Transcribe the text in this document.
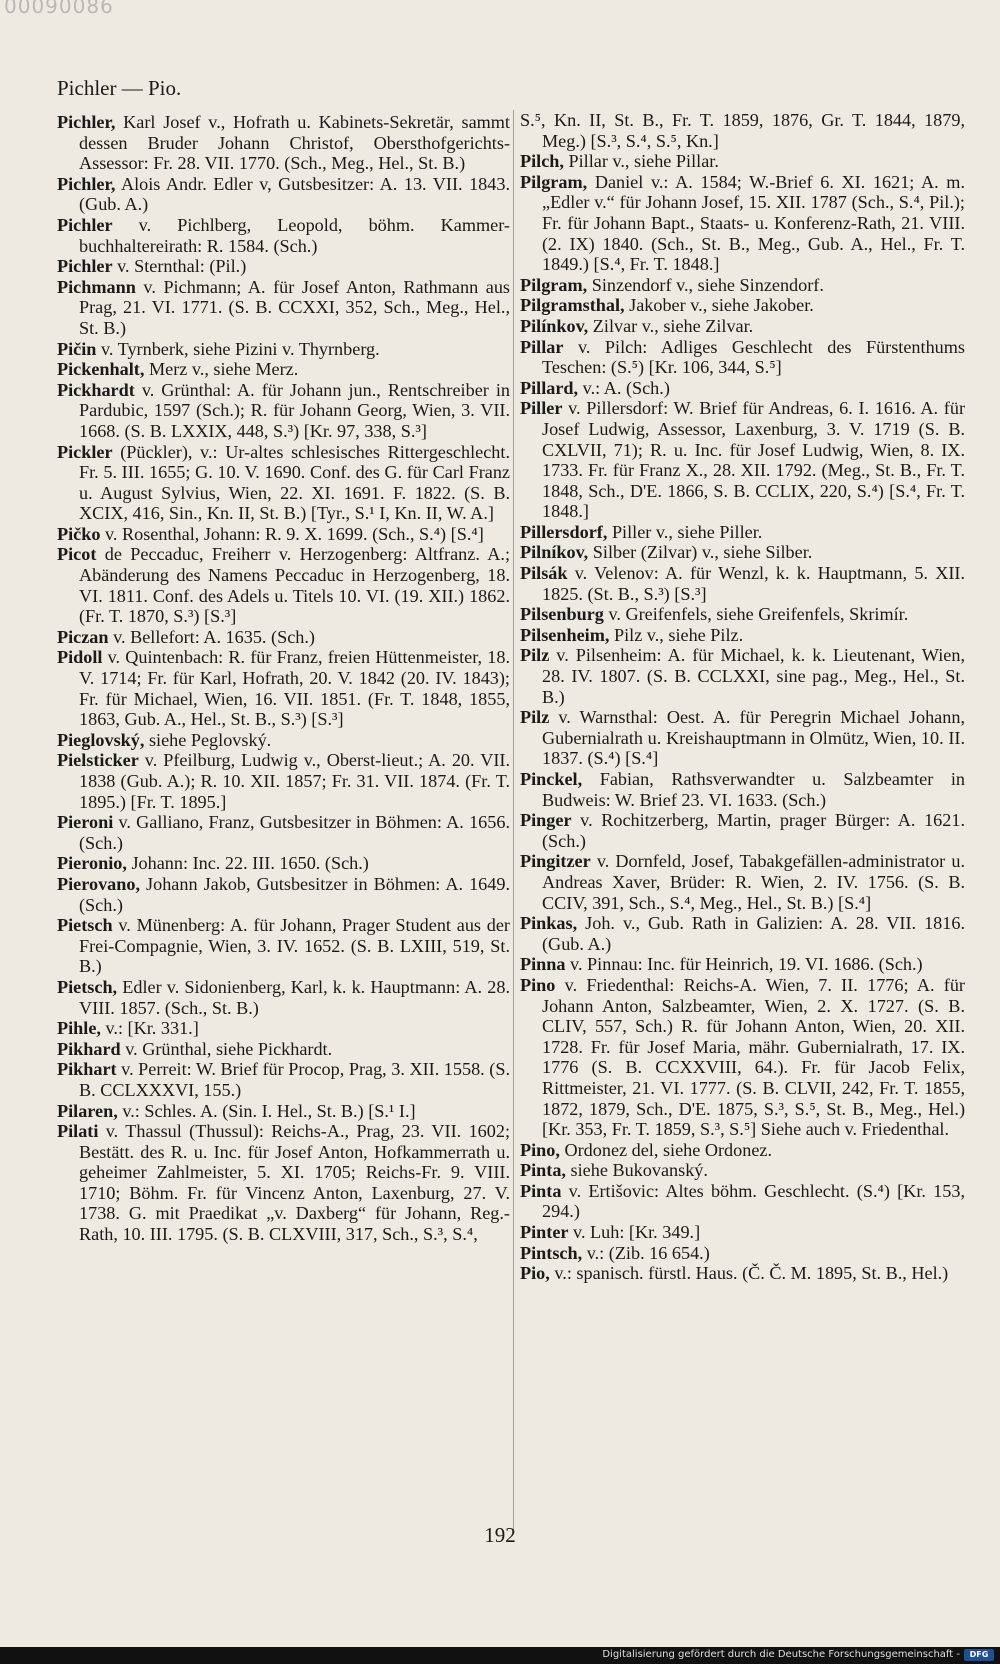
00090086
Pichler — Pio.

Pichler, Karl Josef v., Hofrath u. Kabinets-Sekretär, sammt dessen Bruder Johann Christof, Obersthofgerichts-Assessor: Fr. 28. VII. 1770. (Sch., Meg., Hel., St. B.)

Pichler, Alois Andr. Edler v, Gutsbesitzer: A. 13. VII. 1843. (Gub. A.)

Pichler v. Pichlberg, Leopold, böhm. Kammer-buchhaltereirath: R. 1584. (Sch.)

Pichler v. Sternthal: (Pil.)

Pichmann v. Pichmann; A. für Josef Anton, Rathmann aus Prag, 21. VI. 1771. (S. B. CCXXI, 352, Sch., Meg., Hel., St. B.)

Pičin v. Tyrnberk, siehe Pizini v. Thyrnberg.

Pickenhalt, Merz v., siehe Merz.

Pickhardt v. Grünthal: A. für Johann jun., Rentschreiber in Pardubic, 1597 (Sch.); R. für Johann Georg, Wien, 3. VII. 1668. (S. B. LXXIX, 448, S.³) [Kr. 97, 338, S.³]

Pickler (Pückler), v.: Ur-altes schlesisches Rittergeschlecht. Fr. 5. III. 1655; G. 10. V. 1690. Conf. des G. für Carl Franz u. August Sylvius, Wien, 22. XI. 1691. F. 1822. (S. B. XCIX, 416, Sin., Kn. II, St. B.) [Tyr., S.¹ I, Kn. II, W. A.]

Pičko v. Rosenthal, Johann: R. 9. X. 1699. (Sch., S.⁴) [S.⁴]

Picot de Peccaduc, Freiherr v. Herzogenberg: Altfranz. A.; Abänderung des Namens Peccaduc in Herzogenberg, 18. VI. 1811. Conf. des Adels u. Titels 10. VI. (19. XII.) 1862. (Fr. T. 1870, S.³) [S.³]

Piczan v. Bellefort: A. 1635. (Sch.)

Pidoll v. Quintenbach: R. für Franz, freien Hüttenmeister, 18. V. 1714; Fr. für Karl, Hofrath, 20. V. 1842 (20. IV. 1843); Fr. für Michael, Wien, 16. VII. 1851. (Fr. T. 1848, 1855, 1863, Gub. A., Hel., St. B., S.³) [S.³]

Pieglovský, siehe Peglovský.

Pielsticker v. Pfeilburg, Ludwig v., Oberst-lieut.; A. 20. VII. 1838 (Gub. A.); R. 10. XII. 1857; Fr. 31. VII. 1874. (Fr. T. 1895.) [Fr. T. 1895.]

Pieroni v. Galliano, Franz, Gutsbesitzer in Böhmen: A. 1656. (Sch.)

Pieronio, Johann: Inc. 22. III. 1650. (Sch.)

Pierovano, Johann Jakob, Gutsbesitzer in Böhmen: A. 1649. (Sch.)

Pietsch v. Münenberg: A. für Johann, Prager Student aus der Frei-Compagnie, Wien, 3. IV. 1652. (S. B. LXIII, 519, St. B.)

Pietsch, Edler v. Sidonienberg, Karl, k. k. Hauptmann: A. 28. VIII. 1857. (Sch., St. B.)

Pihle, v.: [Kr. 331.]

Pikhard v. Grünthal, siehe Pickhardt.

Pikhart v. Perreit: W. Brief für Procop, Prag, 3. XII. 1558. (S. B. CCLXXXVI, 155.)

Pilaren, v.: Schles. A. (Sin. I. Hel., St. B.) [S.¹ I.]

Pilati v. Thassul (Thussul): Reichs-A., Prag, 23. VII. 1602; Bestätt. des R. u. Inc. für Josef Anton, Hofkammerrath u. geheimer Zahlmeister, 5. XI. 1705; Reichs-Fr. 9. VIII. 1710; Böhm. Fr. für Vincenz Anton, Laxenburg, 27. V. 1738. G. mit Praedikat „v. Daxberg“ für Johann, Reg.-Rath, 10. III. 1795. (S. B. CLXVIII, 317, Sch., S.³, S.⁴,

S.⁵, Kn. II, St. B., Fr. T. 1859, 1876, Gr. T. 1844, 1879, Meg.) [S.³, S.⁴, S.⁵, Kn.]

Pilch, Pillar v., siehe Pillar.

Pilgram, Daniel v.: A. 1584; W.-Brief 6. XI. 1621; A. m. „Edler v.“ für Johann Josef, 15. XII. 1787 (Sch., S.⁴, Pil.); Fr. für Johann Bapt., Staats- u. Konferenz-Rath, 21. VIII. (2. IX) 1840. (Sch., St. B., Meg., Gub. A., Hel., Fr. T. 1849.) [S.⁴, Fr. T. 1848.]

Pilgram, Sinzendorf v., siehe Sinzendorf.

Pilgramsthal, Jakober v., siehe Jakober.

Pilínkov, Zilvar v., siehe Zilvar.

Pillar v. Pilch: Adliges Geschlecht des Fürstenthums Teschen: (S.⁵) [Kr. 106, 344, S.⁵]

Pillard, v.: A. (Sch.)

Piller v. Pillersdorf: W. Brief für Andreas, 6. I. 1616. A. für Josef Ludwig, Assessor, Laxenburg, 3. V. 1719 (S. B. CXLVII, 71); R. u. Inc. für Josef Ludwig, Wien, 8. IX. 1733. Fr. für Franz X., 28. XII. 1792. (Meg., St. B., Fr. T. 1848, Sch., D'E. 1866, S. B. CCLIX, 220, S.⁴) [S.⁴, Fr. T. 1848.]

Pillersdorf, Piller v., siehe Piller.

Pilníkov, Silber (Zilvar) v., siehe Silber.

Pilsák v. Velenov: A. für Wenzl, k. k. Hauptmann, 5. XII. 1825. (St. B., S.³) [S.³]

Pilsenburg v. Greifenfels, siehe Greifenfels, Skrimír.

Pilsenheim, Pilz v., siehe Pilz.

Pilz v. Pilsenheim: A. für Michael, k. k. Lieutenant, Wien, 28. IV. 1807. (S. B. CCLXXI, sine pag., Meg., Hel., St. B.)

Pilz v. Warnsthal: Oest. A. für Peregrin Michael Johann, Gubernialrath u. Kreishauptmann in Olmütz, Wien, 10. II. 1837. (S.⁴) [S.⁴]

Pinckel, Fabian, Rathsverwandter u. Salzbeamter in Budweis: W. Brief 23. VI. 1633. (Sch.)

Pinger v. Rochitzerberg, Martin, prager Bürger: A. 1621. (Sch.)

Pingitzer v. Dornfeld, Josef, Tabakgefällen-administrator u. Andreas Xaver, Brüder: R. Wien, 2. IV. 1756. (S. B. CCIV, 391, Sch., S.⁴, Meg., Hel., St. B.) [S.⁴]

Pinkas, Joh. v., Gub. Rath in Galizien: A. 28. VII. 1816. (Gub. A.)

Pinna v. Pinnau: Inc. für Heinrich, 19. VI. 1686. (Sch.)

Pino v. Friedenthal: Reichs-A. Wien, 7. II. 1776; A. für Johann Anton, Salzbeamter, Wien, 2. X. 1727. (S. B. CLIV, 557, Sch.) R. für Johann Anton, Wien, 20. XII. 1728. Fr. für Josef Maria, mähr. Gubernialrath, 17. IX. 1776 (S. B. CCXXVIII, 64.). Fr. für Jacob Felix, Rittmeister, 21. VI. 1777. (S. B. CLVII, 242, Fr. T. 1855, 1872, 1879, Sch., D'E. 1875, S.³, S.⁵, St. B., Meg., Hel.) [Kr. 353, Fr. T. 1859, S.³, S.⁵] Siehe auch v. Friedenthal.

Pino, Ordonez del, siehe Ordonez.

Pinta, siehe Bukovanský.

Pinta v. Ertišovic: Altes böhm. Geschlecht. (S.⁴) [Kr. 153, 294.)

Pinter v. Luh: [Kr. 349.]

Pintsch, v.: (Zib. 16 654.)

Pio, v.: spanisch. fürstl. Haus. (Č. Č. M. 1895, St. B., Hel.)

192
Digitalisierung gefördert durch die Deutsche Forschungsgemeinschaft -	DFG
